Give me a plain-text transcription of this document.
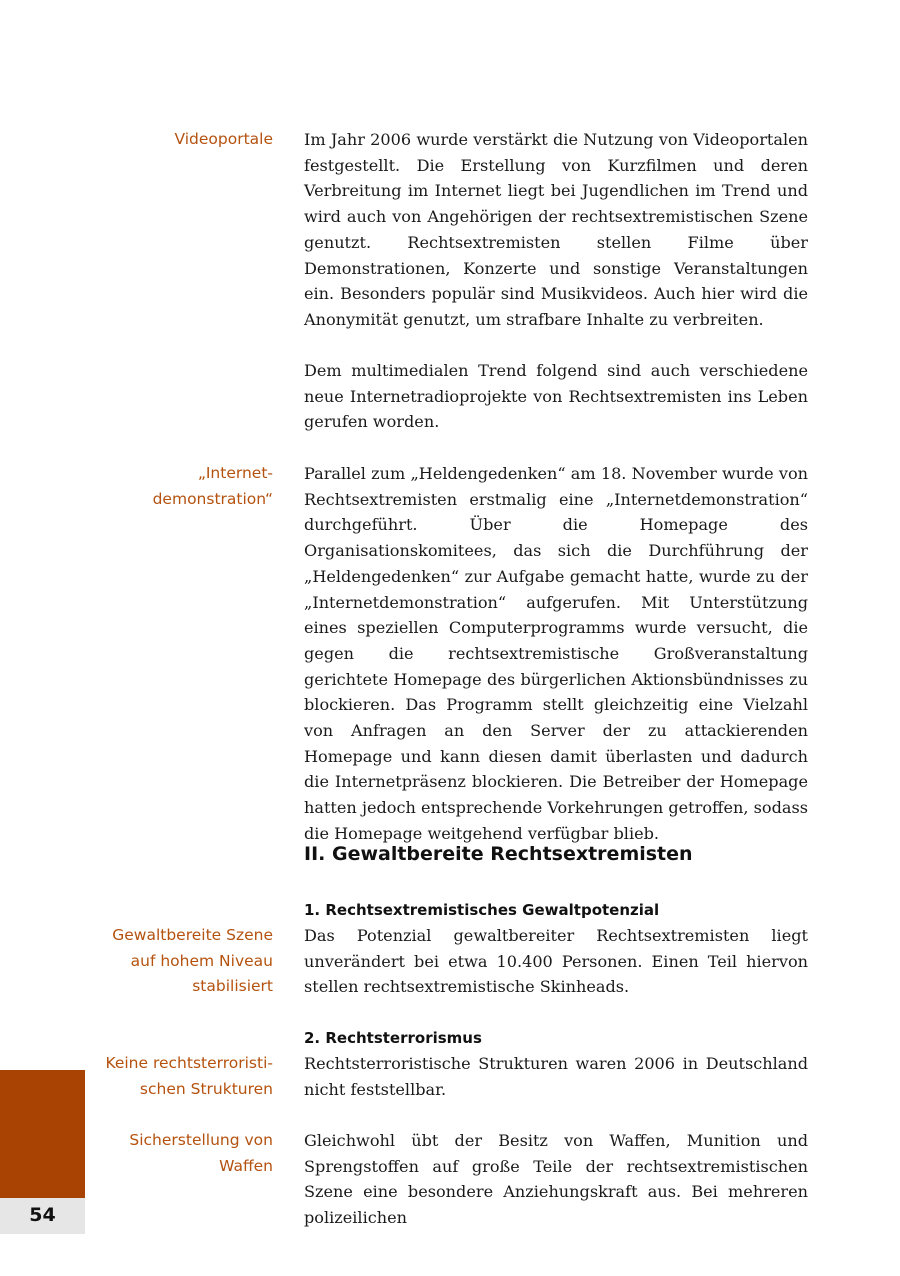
Videoportale
„Internet-
demonstration“
Gewaltbereite Szene
auf hohem Niveau
stabilisiert
Keine rechtsterroristi-
schen Strukturen
Sicherstellung von
Waffen

Im Jahr 2006 wurde verstärkt die Nutzung von Videoportalen festgestellt. Die Erstellung von Kurzfilmen und deren Verbreitung im Internet liegt bei Jugendlichen im Trend und wird auch von Angehörigen der rechtsextremistischen Szene genutzt. Rechtsextremisten stellen Filme über Demonstrationen, Konzerte und sonstige Veranstaltungen ein. Besonders populär sind Musikvideos. Auch hier wird die Anonymität genutzt, um strafbare Inhalte zu verbreiten.

Dem multimedialen Trend folgend sind auch verschiedene neue Internetradioprojekte von Rechtsextremisten ins Leben gerufen worden.

Parallel zum „Heldengedenken“ am 18. November wurde von Rechtsextremisten erstmalig eine „Internetdemonstration“ durchgeführt. Über die Homepage des Organisationskomitees, das sich die Durchführung der „Heldengedenken“ zur Aufgabe gemacht hatte, wurde zu der „Internetdemonstration“ aufgerufen. Mit Unterstützung eines speziellen Computerprogramms wurde versucht, die gegen die rechtsextremistische Großveranstaltung gerichtete Homepage des bürgerlichen Aktionsbündnisses zu blockieren. Das Programm stellt gleichzeitig eine Vielzahl von Anfragen an den Server der zu attackierenden Homepage und kann diesen damit überlasten und dadurch die Internetpräsenz blockieren. Die Betreiber der Homepage hatten jedoch entsprechende Vorkehrungen getroffen, sodass die Homepage weitgehend verfügbar blieb.

II. Gewaltbereite Rechtsextremisten
1. Rechtsextremistisches Gewaltpotenzial

Das Potenzial gewaltbereiter Rechtsextremisten liegt unverändert bei etwa 10.400 Personen. Einen Teil hiervon stellen rechtsextremistische Skinheads.

2. Rechtsterrorismus

Rechtsterroristische Strukturen waren 2006 in Deutschland nicht feststellbar.

Gleichwohl übt der Besitz von Waffen, Munition und Sprengstoffen auf große Teile der rechtsextremistischen Szene eine besondere Anziehungskraft aus. Bei mehreren polizeilichen

54
